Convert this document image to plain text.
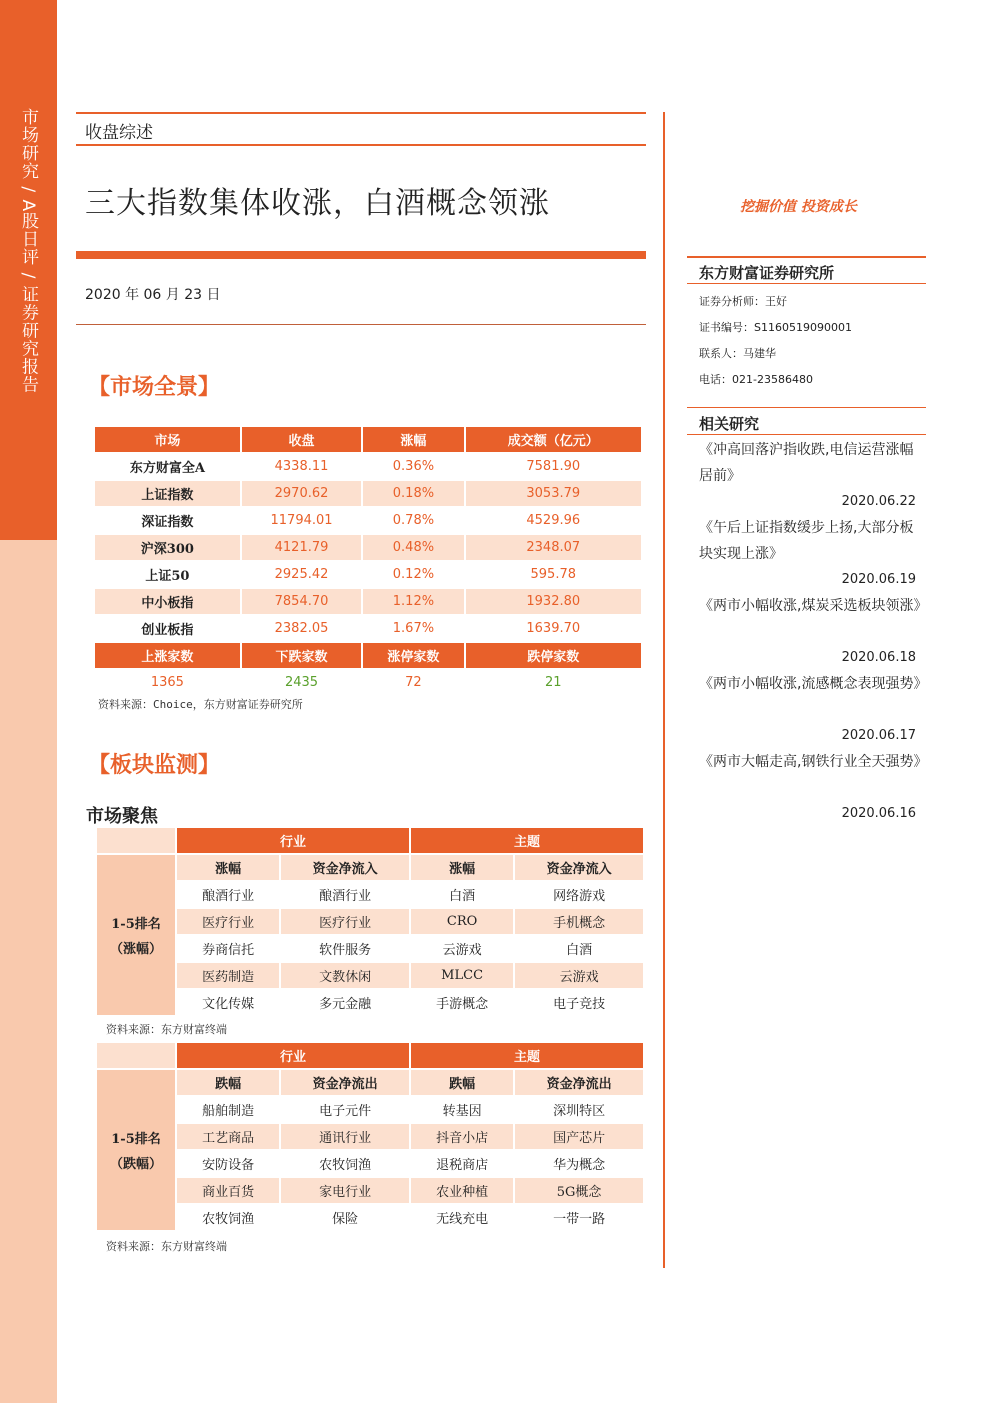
市场研究 / A股日评 / 证券研究报告	收盘综述
三大指数集体收涨，白酒概念领涨
2020 年 06 月 23 日
【市场全景】
市场	收盘	涨幅	成交额（亿元）
东方财富全A	4338.11	0.36%	7581.90
上证指数	2970.62	0.18%	3053.79
深证指数	11794.01	0.78%	4529.96
沪深300	4121.79	0.48%	2348.07
上证50	2925.42	0.12%	595.78
中小板指	7854.70	1.12%	1932.80
创业板指	2382.05	1.67%	1639.70
上涨家数	下跌家数	涨停家数	跌停家数
1365	2435	72	21
资料来源：Choice，东方财富证券研究所
【板块监测】
市场聚焦
	行业		主题	

1-5排名
（涨幅）	涨幅	资金净流入	涨幅	资金净流入
	酿酒行业	酿酒行业	白酒	网络游戏
	医疗行业	医疗行业	CRO	手机概念
	券商信托	软件服务	云游戏	白酒
	医药制造	文教休闲	MLCC	云游戏
	文化传媒	多元金融	手游概念	电子竞技
资料来源：东方财富终端
	行业		主题	

1-5排名
（跌幅）	跌幅	资金净流出	跌幅	资金净流出
	船舶制造	电子元件	转基因	深圳特区
	工艺商品	通讯行业	抖音小店	国产芯片
	安防设备	农牧饲渔	退税商店	华为概念
	商业百货	家电行业	农业种植	5G概念
	农牧饲渔	保险	无线充电	一带一路
资料来源：东方财富终端
挖掘价值 投资成长
东方财富证券研究所
证券分析师：王好
证书编号：S1160519090001
联系人：马建华
电话：021-23586480
相关研究
《冲高回落沪指收跌,电信运营涨幅居前》
2020.06.22
《午后上证指数缓步上扬,大部分板块实现上涨》
2020.06.19
《两市小幅收涨,煤炭采选板块领涨》
2020.06.18
《两市小幅收涨,流感概念表现强势》
2020.06.17
《两市大幅走高,钢铁行业全天强势》
2020.06.16
